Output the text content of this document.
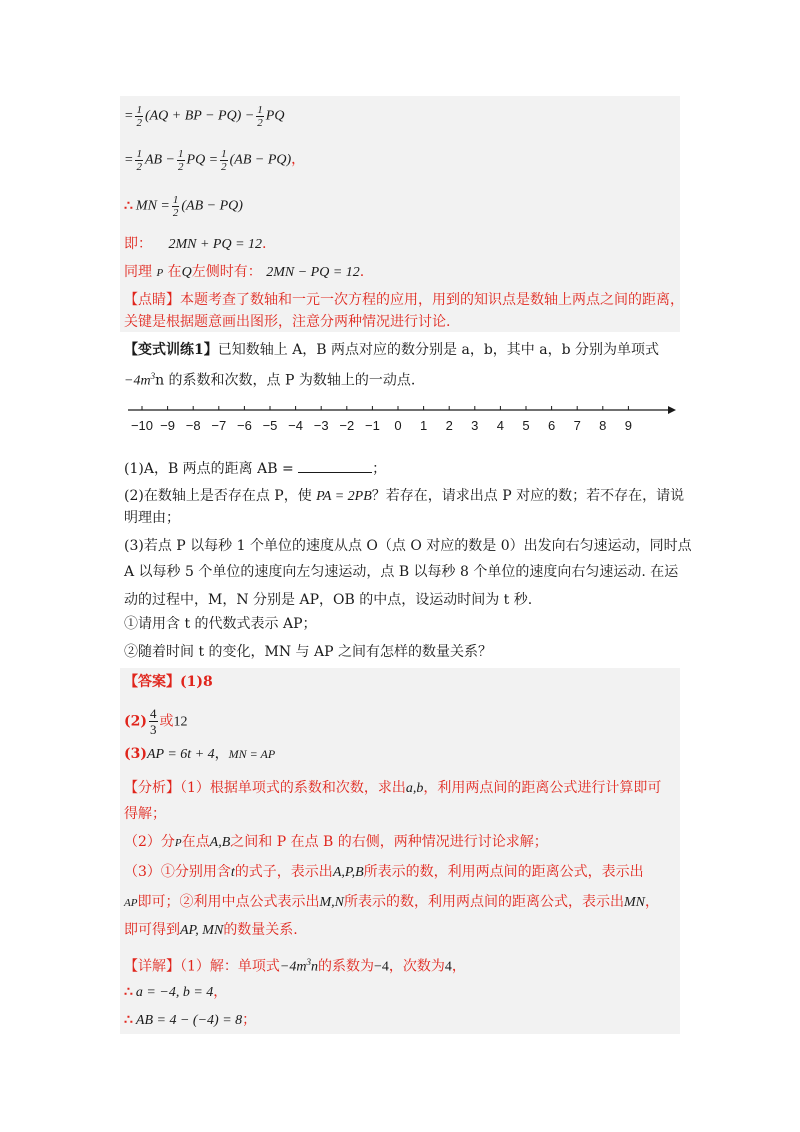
= $\frac{1}{2} (AQ$ + BP − $PQ) - \frac{1}{2}$ PQ
= $\frac{1}{2}$ AB − $\frac{1}{2}$ PQ = $\frac{1}{2} (AB - PQ)$，
∴ MN = $\frac{1}{2} (AB - PQ)$
即： 2MN + PQ = 12.
同理 P 在Q左侧时有： 2MN − PQ = 12.
【点睛】本题考查了数轴和一元一次方程的应用，用到的知识点是数轴上两点之间的距离，
关键是根据题意画出图形，注意分两种情况进行讨论.
【变式训练1】已知数轴上 A，B 两点对应的数分别是 a，b，其中 a，b 分别为单项式
$-4m^3n$ 的系数和次数，点 P 为数轴上的一动点.
−10 −9 −8 −7 −6 −5 −4 −3 −2 −1 0 1 2 3 4 5 6 7 8 9
(1)A，B 两点的距离 AB =	；
(2)在数轴上是否存在点 P，使 PA = 2PB？若存在，请求出点 P 对应的数；若不存在，请说
明理由；
(3)若点 P 以每秒 1 个单位的速度从点 O（点 O 对应的数是 0）出发向右匀速运动，同时点
A 以每秒 5 个单位的速度向左匀速运动，点 B 以每秒 8 个单位的速度向右匀速运动. 在运
动的过程中，M，N 分别是 AP，OB 的中点，设运动时间为 t 秒.
①请用含 t 的代数式表示 AP；
②随着时间 t 的变化，MN 与 AP 之间有怎样的数量关系？
【答案】(1)8
$(2) \frac{4}{3}$ 或12
(3)AP = 6t + 4，MN = AP
【分析】（1）根据单项式的系数和次数，求出a,b，利用两点间的距离公式进行计算即可
得解；
（2）分P在点A,B之间和 P 在点 B 的右侧，两种情况进行讨论求解；
（3）①分别用含t的式子，表示出A,P,B所表示的数，利用两点间的距离公式，表示出
AP即可；②利用中点公式表示出M,N所表示的数，利用两点间的距离公式，表示出MN，
即可得到AP, MN的数量关系.
【详解】（1）解：单项式$-4m^3n$的系数为−4，次数为4，
∴ a = −4, b = 4，
∴ AB = 4 − (−4) = 8；
